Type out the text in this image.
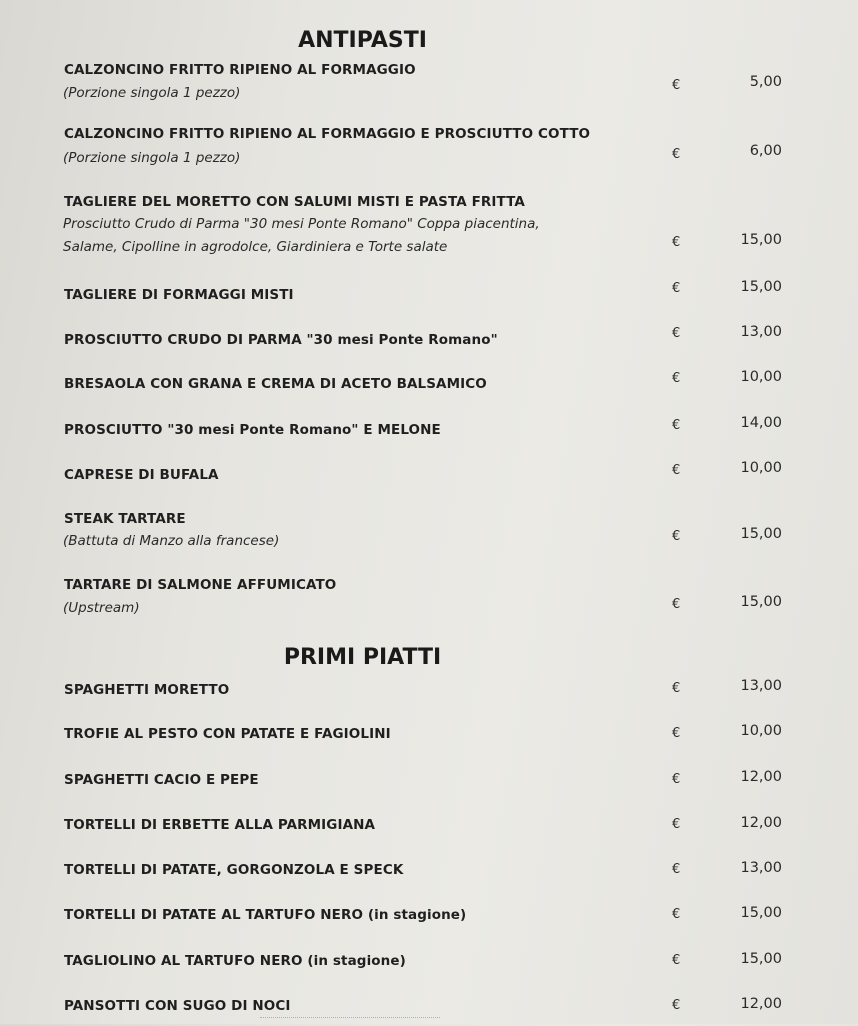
ANTIPASTI
CALZONCINO FRITTO RIPIENO AL FORMAGGIO
(Porzione singola 1 pezzo)	€	5,00
CALZONCINO FRITTO RIPIENO AL FORMAGGIO E PROSCIUTTO COTTO
(Porzione singola 1 pezzo)	€	6,00
TAGLIERE DEL MORETTO CON SALUMI MISTI E PASTA FRITTA
Prosciutto Crudo di Parma "30 mesi Ponte Romano" Coppa piacentina,
Salame, Cipolline in agrodolce, Giardiniera e Torte salate	€	15,00
TAGLIERE DI FORMAGGI MISTI	€	15,00
PROSCIUTTO CRUDO DI PARMA "30 mesi Ponte Romano"	€	13,00
BRESAOLA CON GRANA E CREMA DI ACETO BALSAMICO	€	10,00
PROSCIUTTO "30 mesi Ponte Romano" E MELONE	€	14,00
CAPRESE DI BUFALA	€	10,00
STEAK TARTARE
(Battuta di Manzo alla francese)	€	15,00
TARTARE DI SALMONE AFFUMICATO
(Upstream)	€	15,00
PRIMI PIATTI
SPAGHETTI MORETTO	€	13,00
TROFIE AL PESTO CON PATATE E FAGIOLINI	€	10,00
SPAGHETTI CACIO E PEPE	€	12,00
TORTELLI DI ERBETTE ALLA PARMIGIANA	€	12,00
TORTELLI DI PATATE, GORGONZOLA E SPECK	€	13,00
TORTELLI DI PATATE AL TARTUFO NERO (in stagione)	€	15,00
TAGLIOLINO AL TARTUFO NERO (in stagione)	€	15,00
PANSOTTI CON SUGO DI NOCI	€	12,00
